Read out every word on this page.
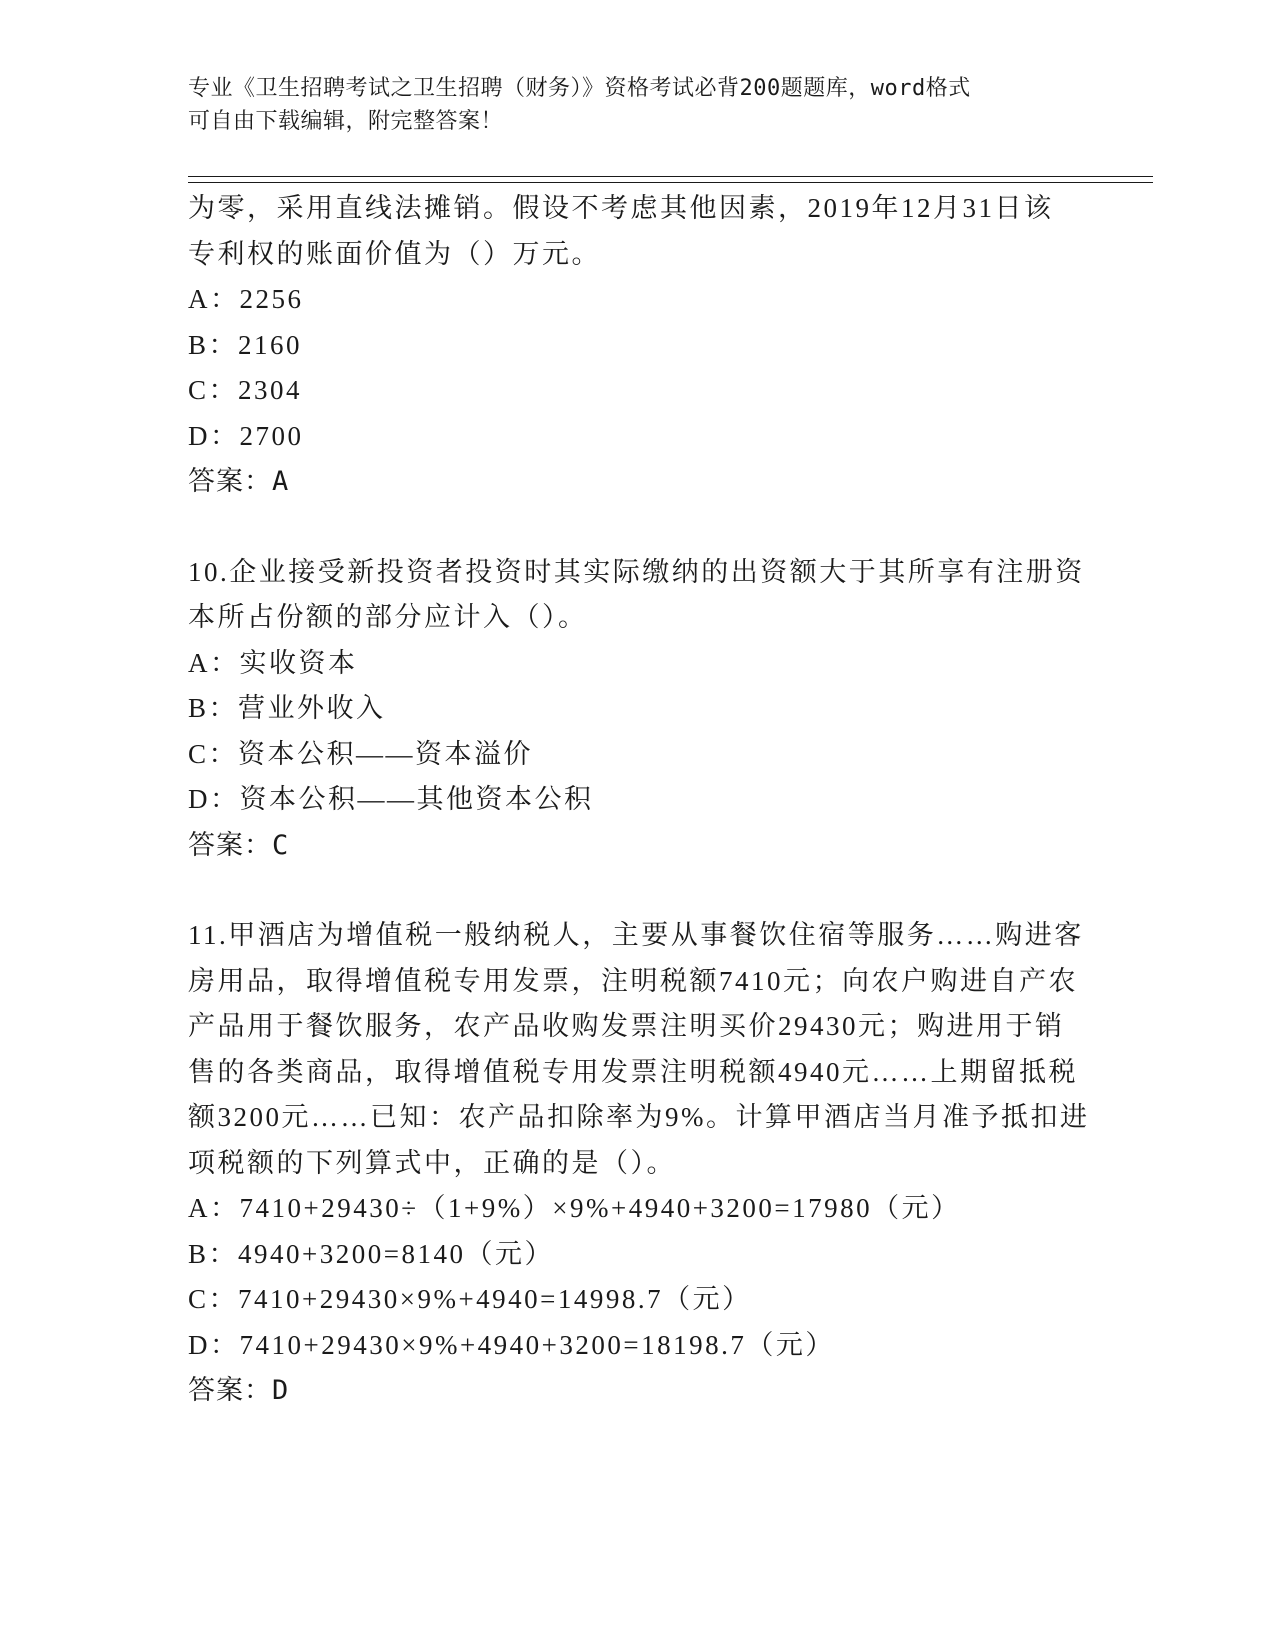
专业《卫生招聘考试之卫生招聘（财务）》资格考试必背200题题库，word格式
可自由下载编辑，附完整答案！
为零，采用直线法摊销。假设不考虑其他因素，2019年12月31日该
专利权的账面价值为（）万元。
A：2256
B：2160
C：2304
D：2700
答案：A
10.企业接受新投资者投资时其实际缴纳的出资额大于其所享有注册资
本所占份额的部分应计入（）。
A：实收资本
B：营业外收入
C：资本公积——资本溢价
D：资本公积——其他资本公积
答案：C
11.甲酒店为增值税一般纳税人，主要从事餐饮住宿等服务……购进客
房用品，取得增值税专用发票，注明税额7410元；向农户购进自产农
产品用于餐饮服务，农产品收购发票注明买价29430元；购进用于销
售的各类商品，取得增值税专用发票注明税额4940元……上期留抵税
额3200元……已知：农产品扣除率为9%。计算甲酒店当月准予抵扣进
项税额的下列算式中，正确的是（）。
A：7410+29430÷（1+9%）×9%+4940+3200=17980（元）
B：4940+3200=8140（元）
C：7410+29430×9%+4940=14998.7（元）
D：7410+29430×9%+4940+3200=18198.7（元）
答案：D
